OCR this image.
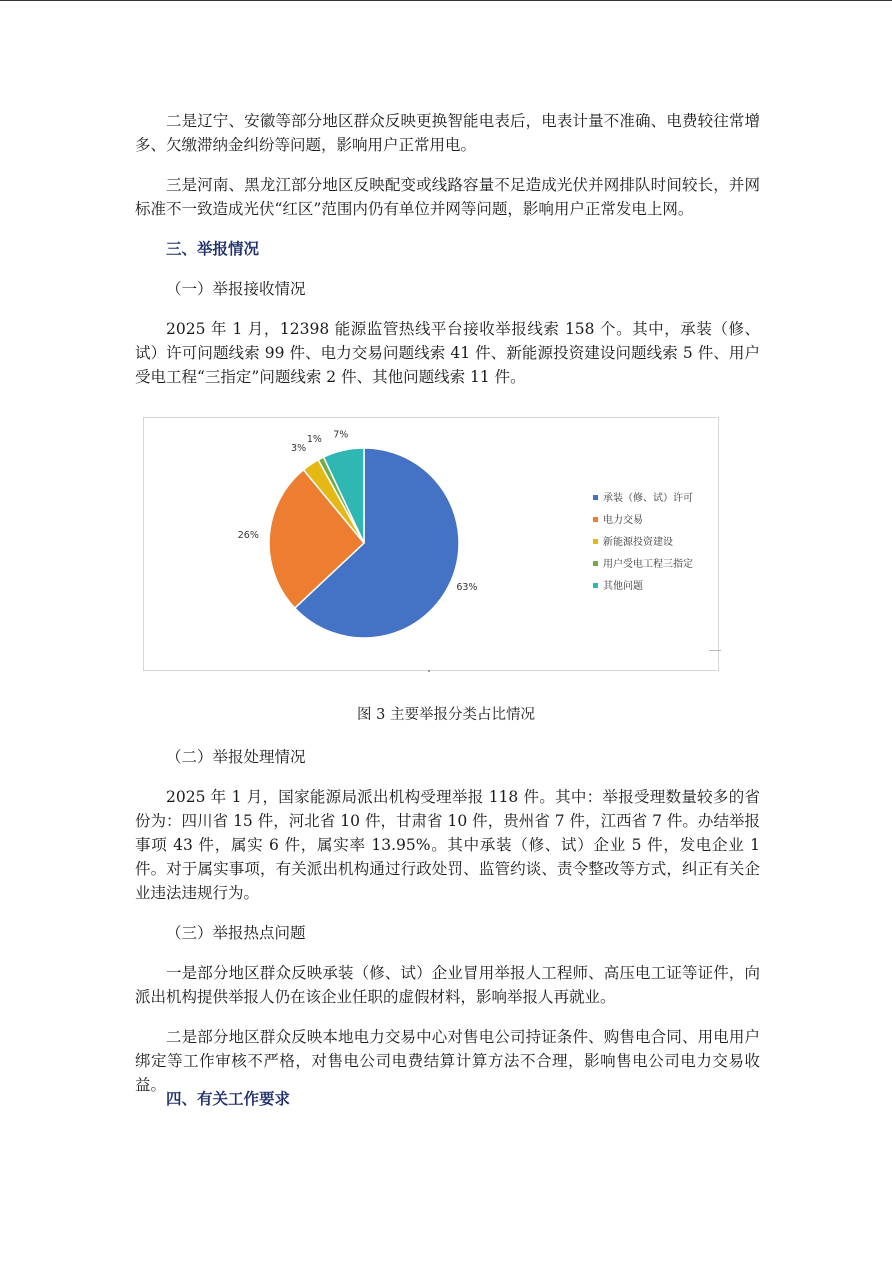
二是辽宁、安徽等部分地区群众反映更换智能电表后，电表计量不准确、电费较往常增多、欠缴滞纳金纠纷等问题，影响用户正常用电。

三是河南、黑龙江部分地区反映配变或线路容量不足造成光伏并网排队时间较长，并网标准不一致造成光伏“红区”范围内仍有单位并网等问题，影响用户正常发电上网。

三、举报情况

（一）举报接收情况

2025 年 1 月，12398 能源监管热线平台接收举报线索 158 个。其中，承装（修、试）许可问题线索 99 件、电力交易问题线索 41 件、新能源投资建设问题线索 5 件、用户受电工程“三指定”问题线索 2 件、其他问题线索 11 件。

63%
26%
3%
1% 7%
承装（修、试）许可
电力交易
新能源投资建设
用户受电工程三指定
其他问题

图 3 主要举报分类占比情况

（二）举报处理情况

2025 年 1 月，国家能源局派出机构受理举报 118 件。其中：举报受理数量较多的省份为：四川省 15 件，河北省 10 件，甘肃省 10 件，贵州省 7 件，江西省 7 件。办结举报事项 43 件，属实 6 件，属实率 13.95%。其中承装（修、试）企业 5 件，发电企业 1 件。对于属实事项，有关派出机构通过行政处罚、监管约谈、责令整改等方式，纠正有关企业违法违规行为。

（三）举报热点问题

一是部分地区群众反映承装（修、试）企业冒用举报人工程师、高压电工证等证件，向派出机构提供举报人仍在该企业任职的虚假材料，影响举报人再就业。

二是部分地区群众反映本地电力交易中心对售电公司持证条件、购售电合同、用电用户绑定等工作审核不严格，对售电公司电费结算计算方法不合理，影响售电公司电力交易收益。

四、有关工作要求
